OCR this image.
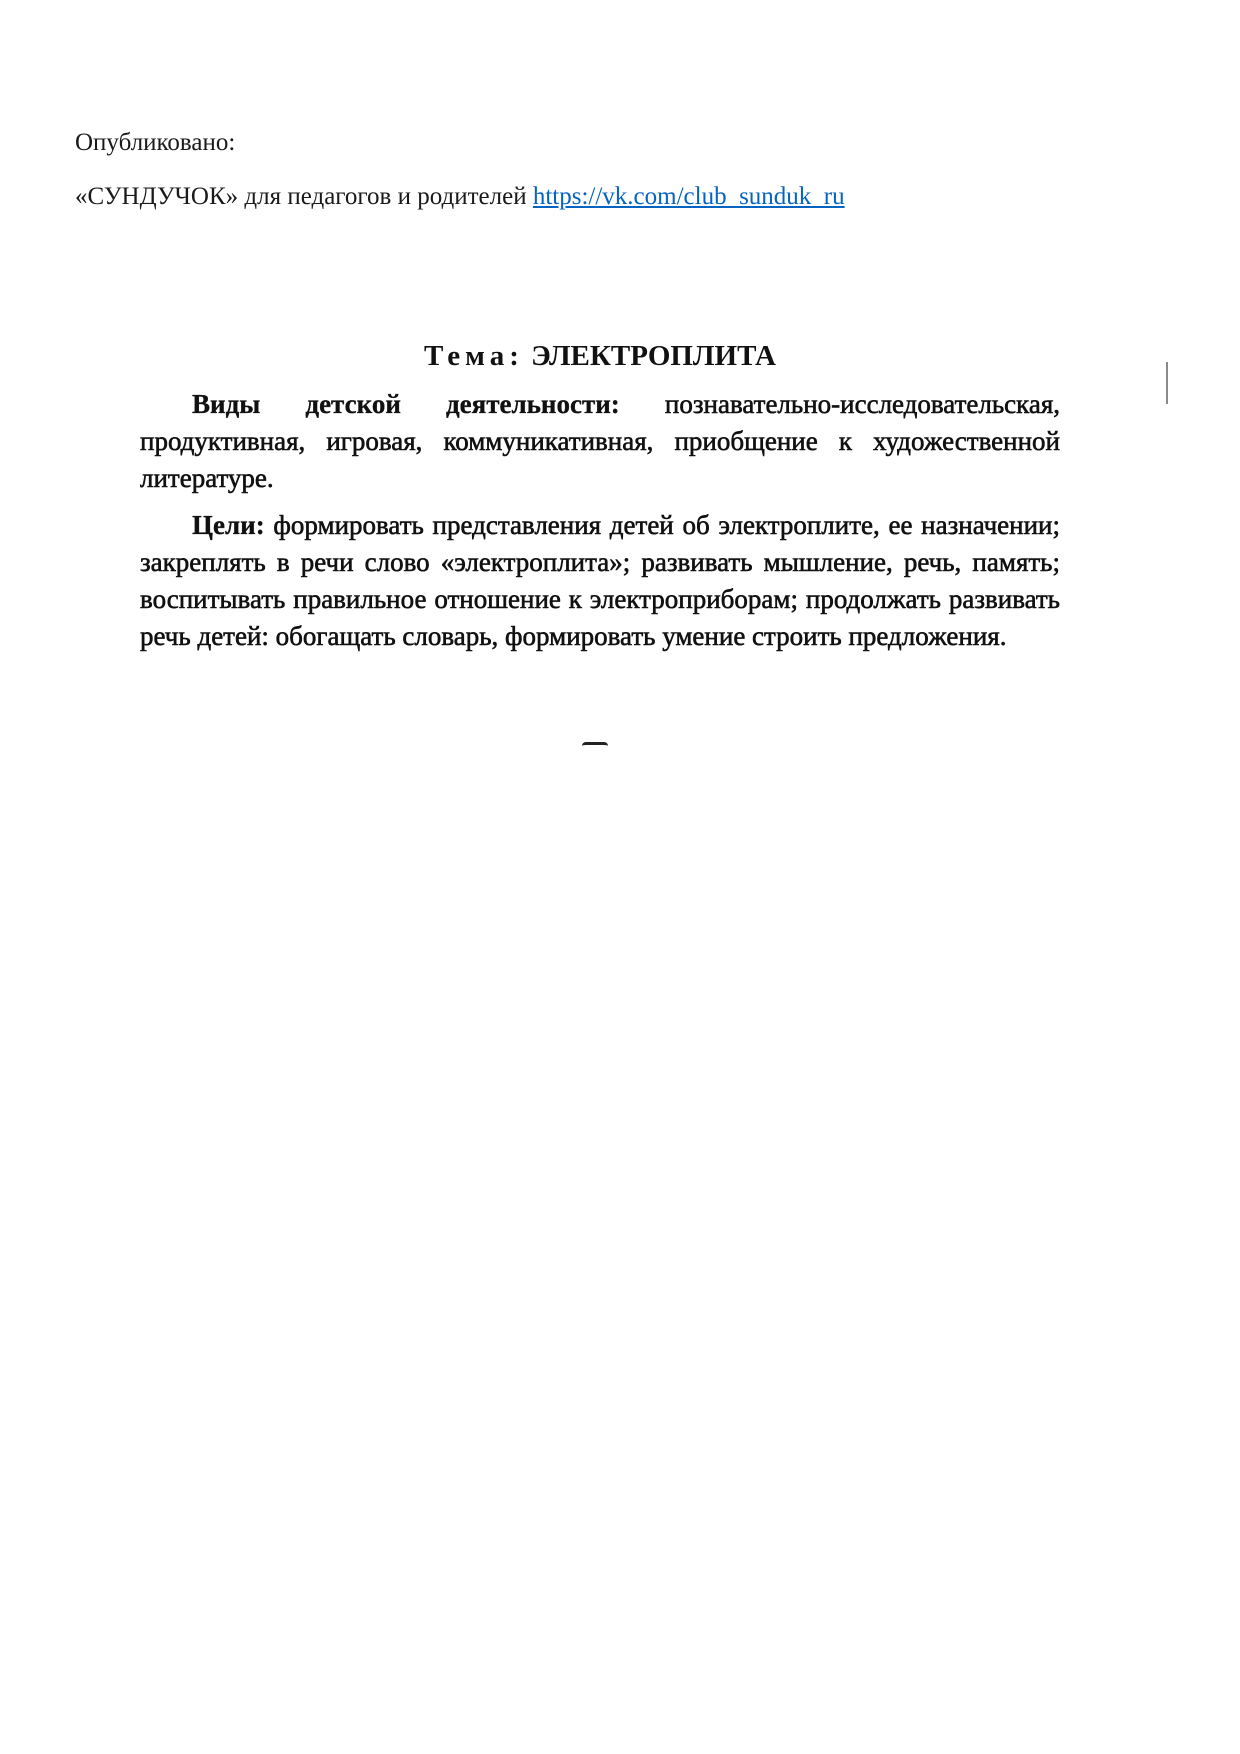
Опубликовано:
«СУНДУЧОК» для педагогов и родителей https://vk.com/club_sunduk_ru
Тема: ЭЛЕКТРОПЛИТА

Виды детской деятельности: познавательно-исследовательская, продуктивная, игровая, коммуникативная, приобщение к художественной литературе.

Цели: формировать представления детей об электроплите, ее назначении; закреплять в речи слово «электроплита»; развивать мышление, речь, память; воспитывать правильное отношение к электроприборам; продолжать развивать речь детей: обогащать словарь, формировать умение строить предложения.
